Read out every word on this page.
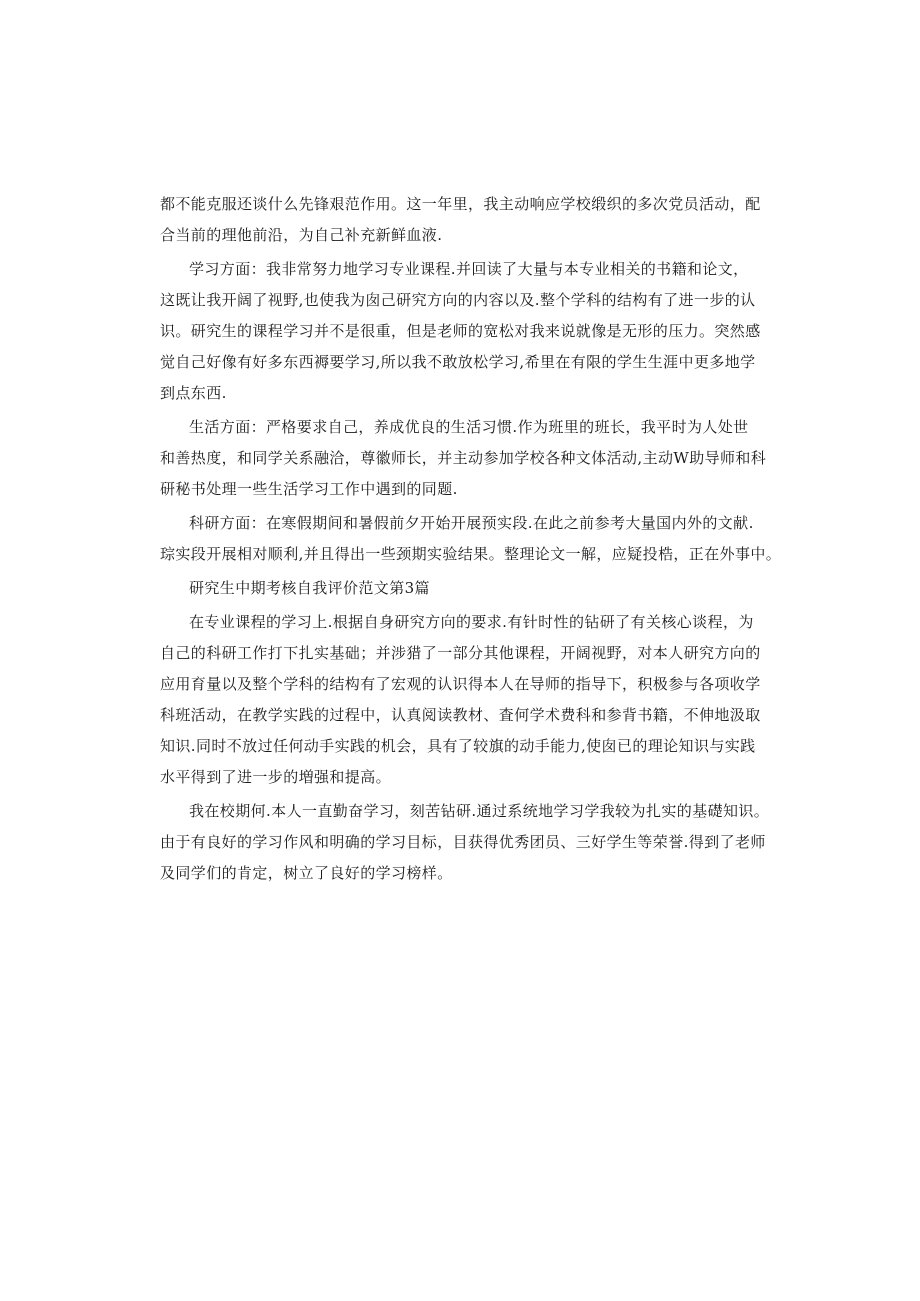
都不能克服还谈什么先锋艰范作用。这一年里，我主动响应学校缎织的多次党员活动，配
合当前的理他前沿，为自己补充新鲜血液.
学习方面：我非常努力地学习专业课程.并回读了大量与本专业相关的书籍和论文，
这既让我开阔了视野,也使我为囱己研究方向的内容以及.整个学科的结构有了进一步的认
识。研究生的课程学习并不是很重，但是老师的宽松对我来说就像是无形的压力。突然感
觉自己好像有好多东西褥要学习,所以我不敢放松学习,希里在有限的学生生涯中更多地学
到点东西.
生活方面：严格要求自己，养成优良的生活习惯.作为班里的班长，我平时为人处世
和善热度，和同学关系融洽，尊徽师长，并主动参加学校各种文体活动,主动W助导师和科
研秘书处理一些生活学习工作中遇到的同题.
科研方面：在寒假期间和暑假前夕开始开展预实段.在此之前参考大量国内外的文献.
琮实段开展相对顺利,并且得出一些颈期实验结果。整理论文一解，应疑投梏，正在外事中。
研究生中期考核自我评价范文第3篇
在专业课程的学习上.根据自身研究方向的要求.有针时性的钻研了有关核心谈程，为
自己的科研工作打下扎实基础；并涉猎了一部分其他课程，开阔视野，对本人研究方向的
应用育量以及整个学科的结构有了宏观的认识得本人在导师的指导下，积极参与各项收学
科班活动，在教学实践的过程中，认真阅读教材、査何学术费科和参背书籍，不伸地汲取
知识.同时不放过任何动手实践的机会，具有了较旗的动手能力,使囱已的理论知识与实践
水平得到了进一步的増强和提高。
我在校期何.本人一直勤奋学习，刻苦钻研.通过系统地学习学我较为扎实的基礎知识。
由于有良好的学习作风和明确的学习目标，目获得优秀团员、三好学生等荣誉.得到了老师
及同学们的肯定，树立了良好的学习榜样。
